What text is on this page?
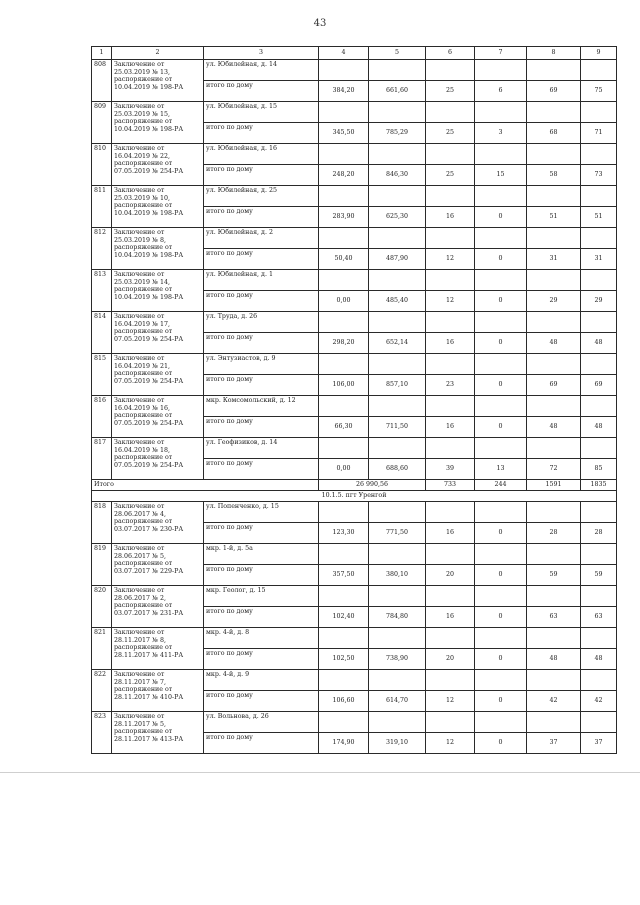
43
1	2	3	4	5	6	7	8	9
808	Заключение от 25.03.2019 № 13, распоряжение от 10.04.2019 № 198-РА	ул. Юбилейная, д. 14						
		итого по дому	384,20	661,60	25	6	69	75
809	Заключение от 25.03.2019 № 15, распоряжение от 10.04.2019 № 198-РА	ул. Юбилейная, д. 15						
		итого по дому	345,50	785,29	25	3	68	71
810	Заключение от 16.04.2019 № 22, распоряжение от 07.05.2019 № 254-РА	ул. Юбилейная, д. 16						
		итого по дому	248,20	846,30	25	15	58	73
811	Заключение от 25.03.2019 № 10, распоряжение от 10.04.2019 № 198-РА	ул. Юбилейная, д. 25						
		итого по дому	283,90	625,30	16	0	51	51
812	Заключение от 25.03.2019 № 8, распоряжение от 10.04.2019 № 198-РА	ул. Юбилейная, д. 2						
		итого по дому	50,40	487,90	12	0	31	31
813	Заключение от 25.03.2019 № 14, распоряжение от 10.04.2019 № 198-РА	ул. Юбилейная, д. 1						
		итого по дому	0,00	485,40	12	0	29	29
814	Заключение от 16.04.2019 № 17, распоряжение от 07.05.2019 № 254-РА	ул. Труда, д. 26						
		итого по дому	298,20	652,14	16	0	48	48
815	Заключение от 16.04.2019 № 21, распоряжение от 07.05.2019 № 254-РА	ул. Энтузиастов, д. 9						
		итого по дому	106,00	857,10	23	0	69	69
816	Заключение от 16.04.2019 № 16, распоряжение от 07.05.2019 № 254-РА	мкр. Комсомольский, д. 12						
		итого по дому	66,30	711,50	16	0	48	48
817	Заключение от 16.04.2019 № 18, распоряжение от 07.05.2019 № 254-РА	ул. Геофизиков, д. 14						
		итого по дому	0,00	688,60	39	13	72	85
Итого			26 990,56		733	244	1591	1835
10.1.5. пгт Уренгой								
818	Заключение от 28.06.2017 № 4, распоряжение от 03.07.2017 № 230-РА	ул. Попенченко, д. 15						
		итого по дому	123,30	771,50	16	0	28	28
819	Заключение от 28.06.2017 № 5, распоряжение от 03.07.2017 № 229-РА	мкр. 1-й, д. 5а						
		итого по дому	357,50	380,10	20	0	59	59
820	Заключение от 28.06.2017 № 2, распоряжение от 03.07.2017 № 231-РА	мкр. Геолог, д. 15						
		итого по дому	102,40	784,80	16	0	63	63
821	Заключение от 28.11.2017 № 8, распоряжение от 28.11.2017 № 411-РА	мкр. 4-й, д. 8						
		итого по дому	102,50	738,90	20	0	48	48
822	Заключение от 28.11.2017 № 7, распоряжение от 28.11.2017 № 410-РА	мкр. 4-й, д. 9						
		итого по дому	106,60	614,70	12	0	42	42
823	Заключение от 28.11.2017 № 5, распоряжение от 28.11.2017 № 413-РА	ул. Вольнова, д. 26						
		итого по дому	174,90	319,10	12	0	37	37
